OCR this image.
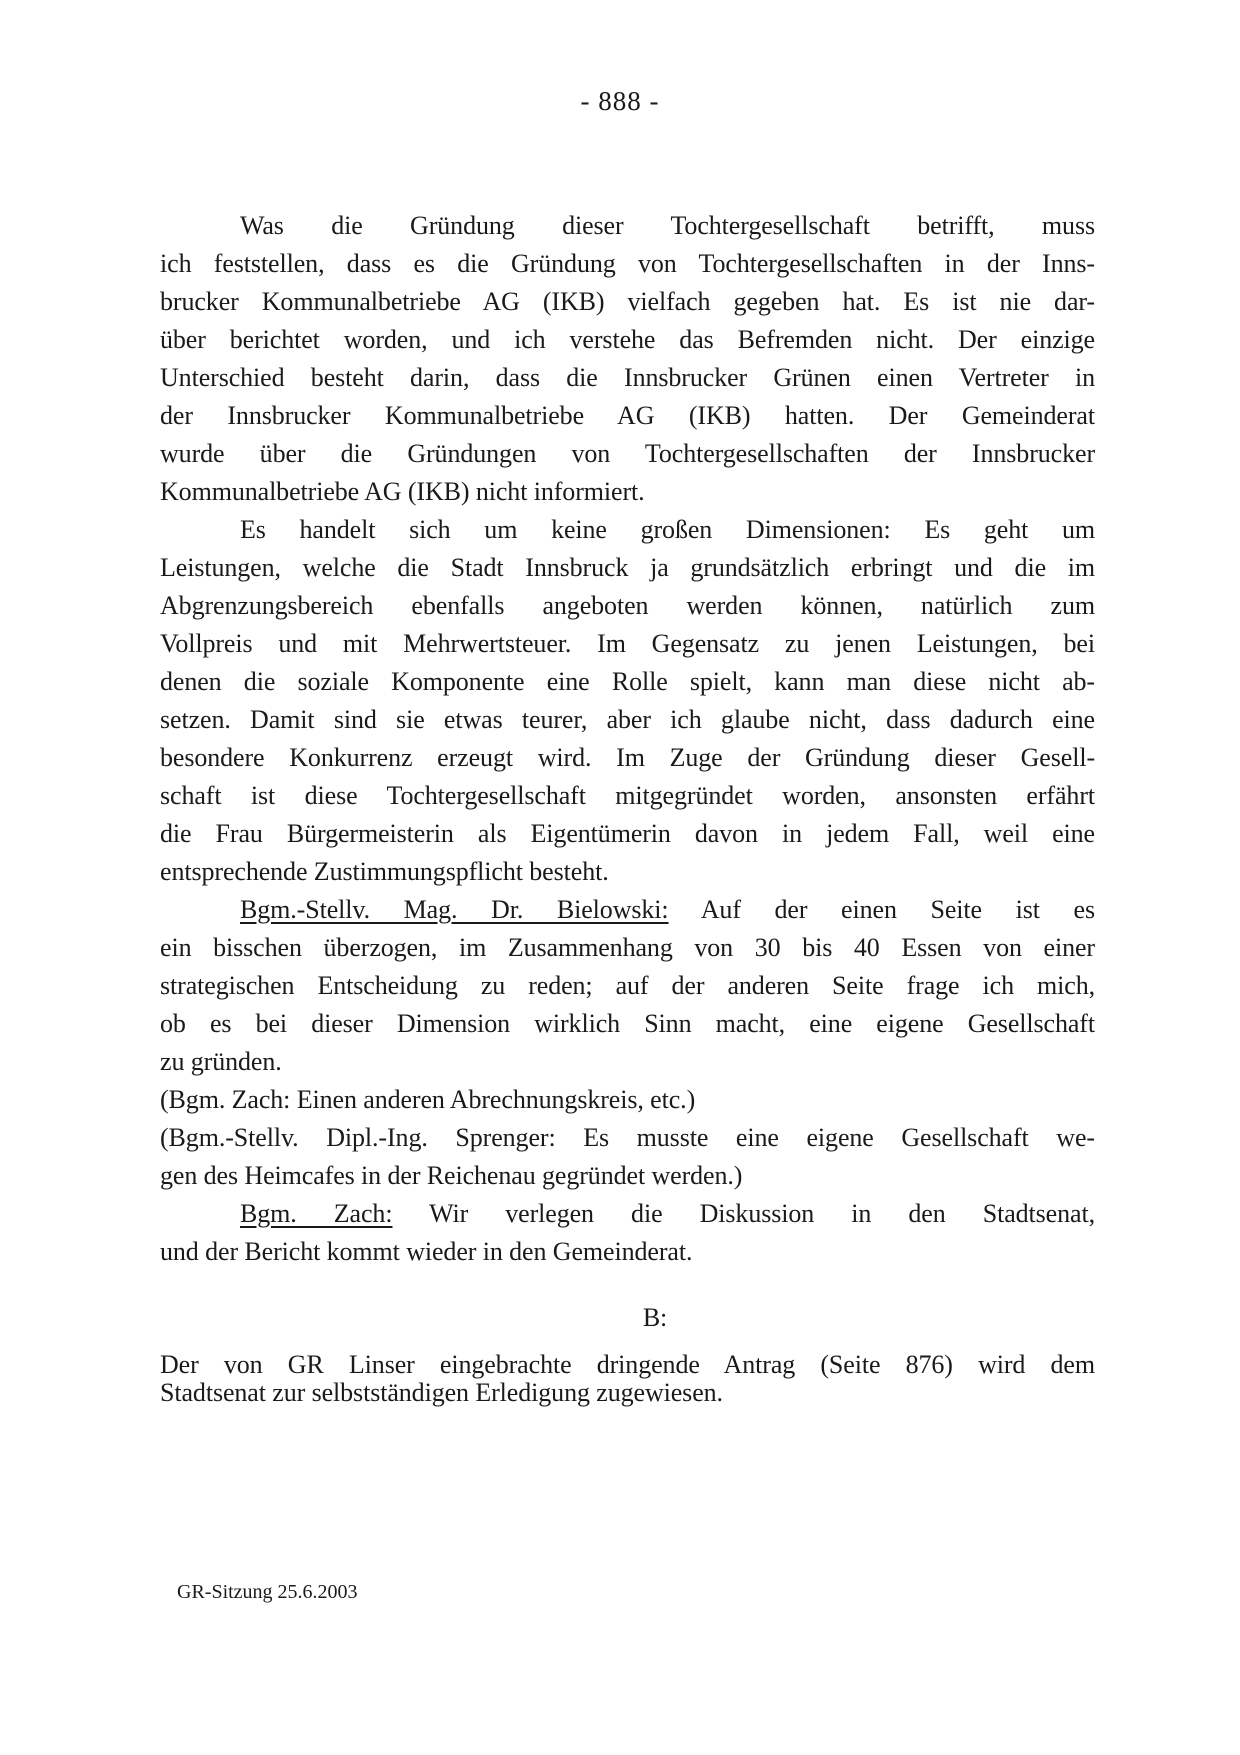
- 888 -
Was die Gründung dieser Tochtergesellschaft betrifft, muss
ich feststellen, dass es die Gründung von Tochtergesellschaften in der Inns-
brucker Kommunalbetriebe AG (IKB) vielfach gegeben hat. Es ist nie dar-
über berichtet worden, und ich verstehe das Befremden nicht. Der einzige
Unterschied besteht darin, dass die Innsbrucker Grünen einen Vertreter in
der Innsbrucker Kommunalbetriebe AG (IKB) hatten. Der Gemeinderat
wurde über die Gründungen von Tochtergesellschaften der Innsbrucker
Kommunalbetriebe AG (IKB) nicht informiert.
Es handelt sich um keine großen Dimensionen: Es geht um
Leistungen, welche die Stadt Innsbruck ja grundsätzlich erbringt und die im
Abgrenzungsbereich ebenfalls angeboten werden können, natürlich zum
Vollpreis und mit Mehrwertsteuer. Im Gegensatz zu jenen Leistungen, bei
denen die soziale Komponente eine Rolle spielt, kann man diese nicht ab-
setzen. Damit sind sie etwas teurer, aber ich glaube nicht, dass dadurch eine
besondere Konkurrenz erzeugt wird. Im Zuge der Gründung dieser Gesell-
schaft ist diese Tochtergesellschaft mitgegründet worden, ansonsten erfährt
die Frau Bürgermeisterin als Eigentümerin davon in jedem Fall, weil eine
entsprechende Zustimmungspflicht besteht.
Bgm.-Stellv. Mag. Dr. Bielowski: Auf der einen Seite ist es
ein bisschen überzogen, im Zusammenhang von 30 bis 40 Essen von einer
strategischen Entscheidung zu reden; auf der anderen Seite frage ich mich,
ob es bei dieser Dimension wirklich Sinn macht, eine eigene Gesellschaft
zu gründen.
(Bgm. Zach: Einen anderen Abrechnungskreis, etc.)
(Bgm.-Stellv. Dipl.-Ing. Sprenger: Es musste eine eigene Gesellschaft we-
gen des Heimcafes in der Reichenau gegründet werden.)
Bgm. Zach: Wir verlegen die Diskussion in den Stadtsenat,
und der Bericht kommt wieder in den Gemeinderat.
B:
Der von GR Linser eingebrachte dringende Antrag (Seite 876) wird dem
Stadtsenat zur selbstständigen Erledigung zugewiesen.
GR-Sitzung 25.6.2003
